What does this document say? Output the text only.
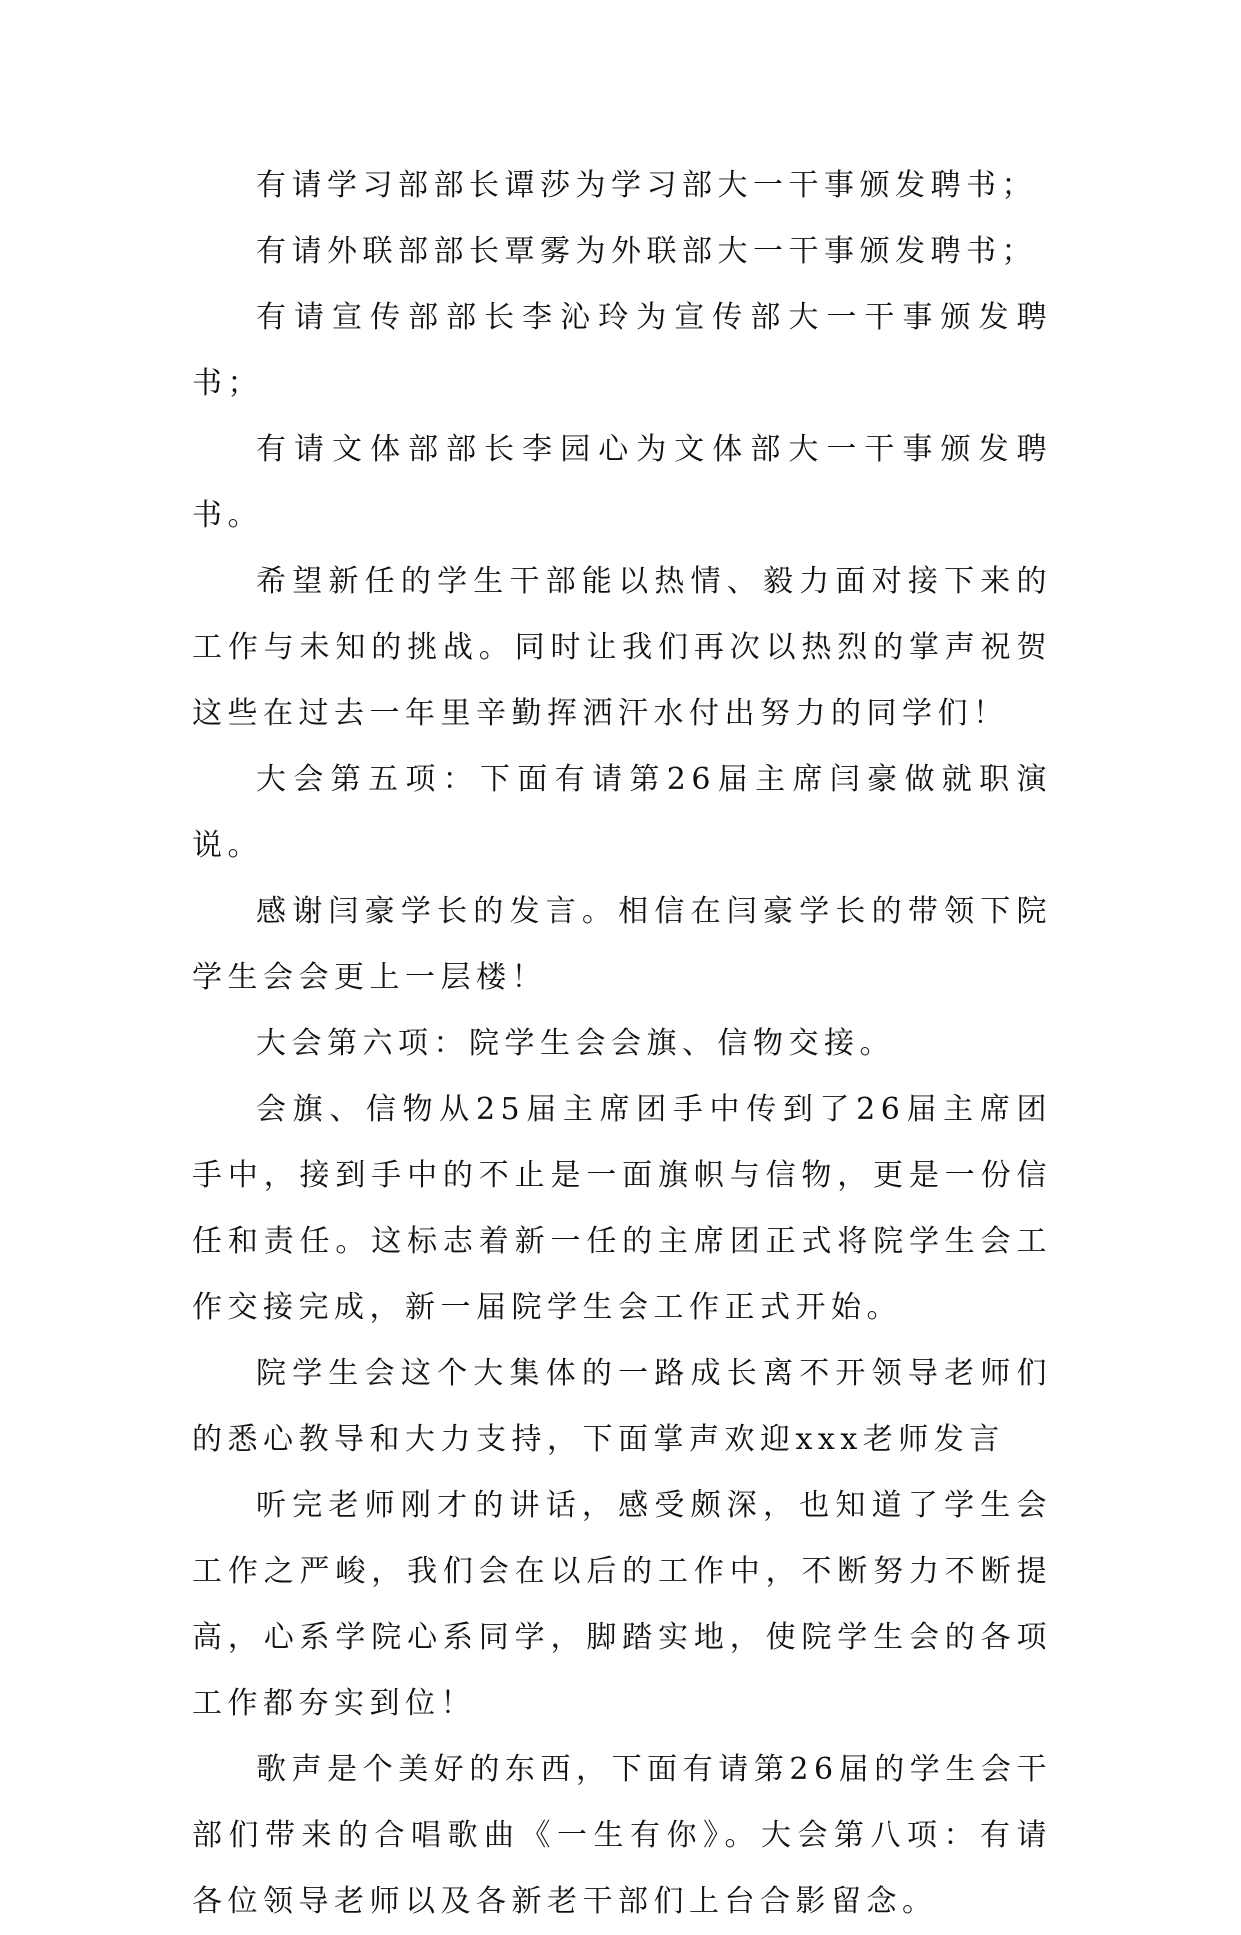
有请学习部部长谭莎为学习部大一干事颁发聘书；

有请外联部部长覃雾为外联部大一干事颁发聘书；

有请宣传部部长李沁玲为宣传部大一干事颁发聘书；

有请文体部部长李园心为文体部大一干事颁发聘书。

希望新任的学生干部能以热情、毅力面对接下来的工作与未知的挑战。同时让我们再次以热烈的掌声祝贺这些在过去一年里辛勤挥洒汗水付出努力的同学们！

大会第五项：下面有请第26届主席闫豪做就职演说。

感谢闫豪学长的发言。相信在闫豪学长的带领下院学生会会更上一层楼！

大会第六项：院学生会会旗、信物交接。

会旗、信物从25届主席团手中传到了26届主席团手中，接到手中的不止是一面旗帜与信物，更是一份信任和责任。这标志着新一任的主席团正式将院学生会工作交接完成，新一届院学生会工作正式开始。

院学生会这个大集体的一路成长离不开领导老师们的悉心教导和大力支持，下面掌声欢迎xxx老师发言

听完老师刚才的讲话，感受颇深，也知道了学生会工作之严峻，我们会在以后的工作中，不断努力不断提高，心系学院心系同学，脚踏实地，使院学生会的各项工作都夯实到位！

歌声是个美好的东西，下面有请第26届的学生会干部们带来的合唱歌曲《一生有你》。大会第八项：有请各位领导老师以及各新老干部们上台合影留念。
